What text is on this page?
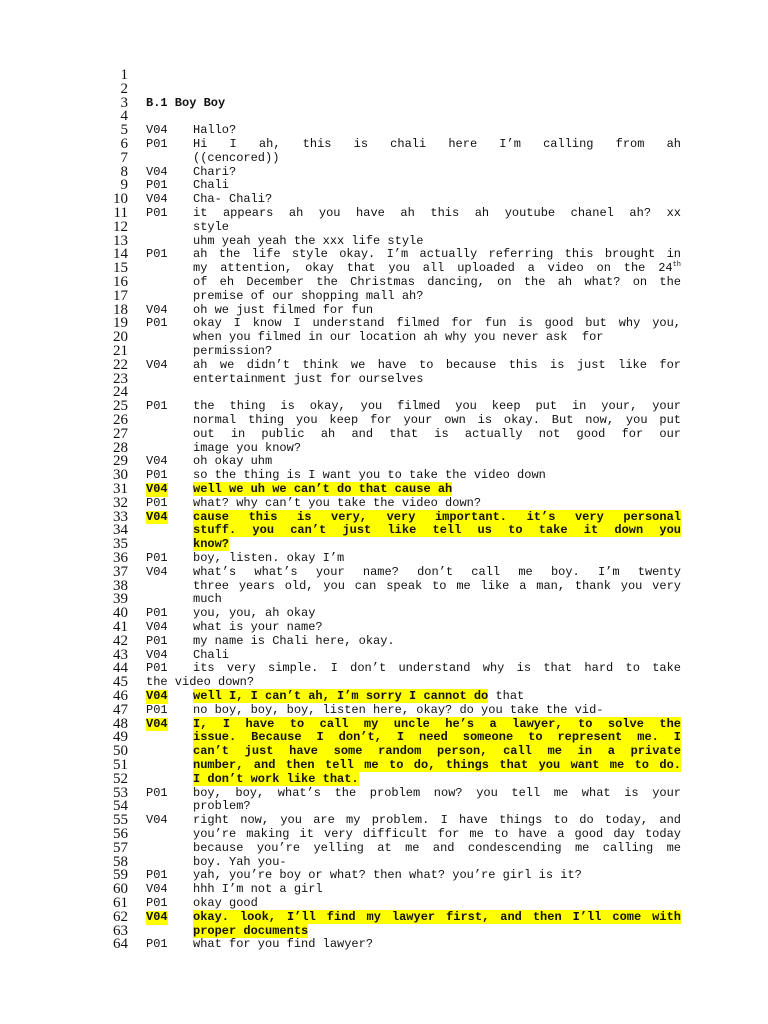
1
2
3 B.1 Boy Boy
4
5 V04 Hallo?
6 P01 Hi I ah, this is chali here I’m calling from ah
7	((cencored))
8 V04 Chari?
9 P01 Chali
10 V04 Cha- Chali?
11 P01 it appears ah you have ah this ah youtube chanel ah? xx
12	style
13	uhm yeah yeah the xxx life style
14 P01 ah the life style okay. I’m actually referring this brought in
15	my attention, okay that you all uploaded a video on the 24th
16	of eh December the Christmas dancing, on the ah what? on the
17	premise of our shopping mall ah?
18 V04 oh we just filmed for fun
19 P01 okay I know I understand filmed for fun is good but why you,
20	when you filmed in our location ah why you never ask  for
21	permission?
22 V04 ah we didn’t think we have to because this is just like for
23	entertainment just for ourselves
24
25 P01 the thing is okay, you filmed you keep put in your, your
26	normal thing you keep for your own is okay. But now, you put
27	out in public ah and that is actually not good for our
28	image you know?
29 V04 oh okay uhm
30 P01 so the thing is I want you to take the video down
31 V04 well we uh we can’t do that cause ah
32 P01 what? why can’t you take the video down?
33 V04 cause this is very, very important. it’s very personal
34	stuff. you can’t just like tell us to take it down you
35	know?
36 P01 boy, listen. okay I’m
37 V04 what’s what’s your name? don’t call me boy. I’m twenty
38	three years old, you can speak to me like a man, thank you very
39	much
40 P01 you, you, ah okay
41 V04 what is your name?
42 P01 my name is Chali here, okay.
43 V04 Chali
44 P01 its very simple. I don’t understand why is that hard to take
45 the video down?
46 V04 well I, I can’t ah, I’m sorry I cannot do that
47 P01 no boy, boy, boy, listen here, okay? do you take the vid-
48 V04 I, I have to call my uncle he’s a lawyer, to solve the
49	issue. Because I don’t, I need someone to represent me. I
50	can’t just have some random person, call me in a private
51	number, and then tell me to do, things that you want me to do.
52	I don’t work like that.
53 P01 boy, boy, what’s the problem now? you tell me what is your
54	problem?
55 V04 right now, you are my problem. I have things to do today, and
56	you’re making it very difficult for me to have a good day today
57	because you’re yelling at me and condescending me calling me
58	boy. Yah you-
59 P01 yah, you’re boy or what? then what? you’re girl is it?
60 V04 hhh I’m not a girl
61 P01 okay good
62 V04 okay. look, I’ll find my lawyer first, and then I’ll come with
63	proper documents
64 P01 what for you find lawyer?
